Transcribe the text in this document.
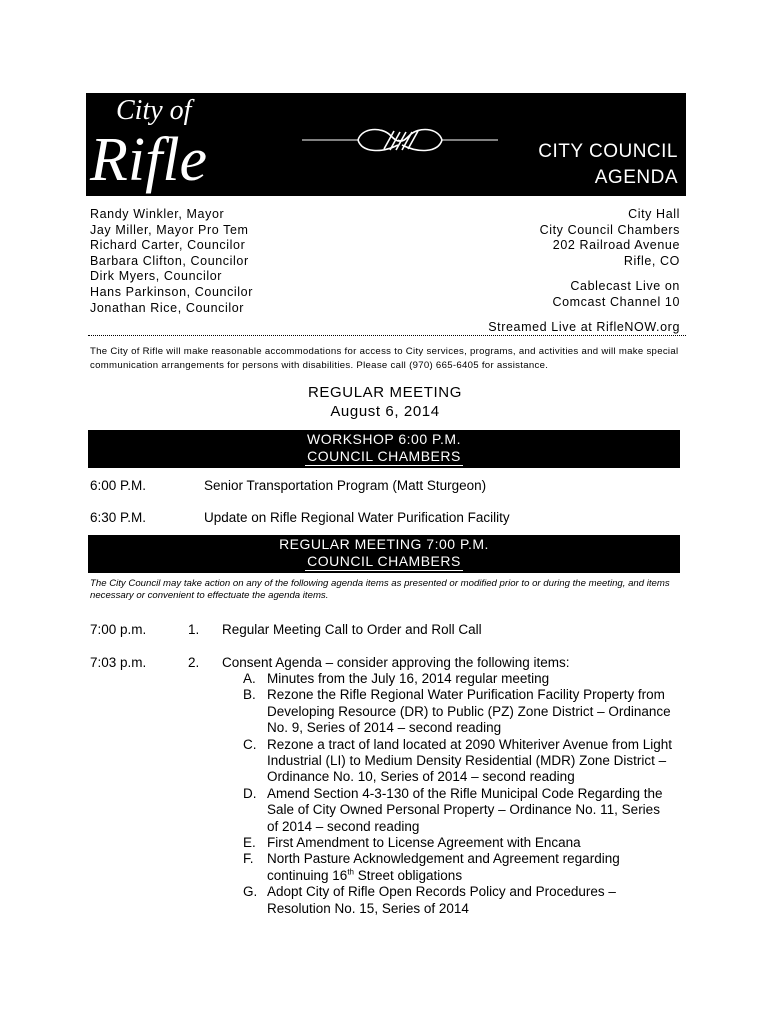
City of
Rifle	CITY COUNCIL
AGENDA
Randy Winkler, Mayor
Jay Miller, Mayor Pro Tem
Richard Carter, Councilor
Barbara Clifton, Councilor
Dirk Myers, Councilor
Hans Parkinson, Councilor
Jonathan Rice, Councilor
City Hall
City Council Chambers
202 Railroad Avenue
Rifle, CO
Cablecast Live on
Comcast Channel 10
Streamed Live at RifleNOW.org
The City of Rifle will make reasonable accommodations for access to City services, programs, and activities and will make special communication arrangements for persons with disabilities. Please call (970) 665-6405 for assistance.
REGULAR MEETING
August 6, 2014
WORKSHOP 6:00 P.M.
COUNCIL CHAMBERS
6:00 P.M.	Senior Transportation Program (Matt Sturgeon)
6:30 P.M.	Update on Rifle Regional Water Purification Facility
REGULAR MEETING 7:00 P.M.
COUNCIL CHAMBERS
The City Council may take action on any of the following agenda items as presented or modified prior to or during the meeting, and items necessary or convenient to effectuate the agenda items.
7:00 p.m.	1. Regular Meeting Call to Order and Roll Call
7:03 p.m.	2. Consent Agenda – consider approving the following items:
A. Minutes from the July 16, 2014 regular meeting
B. Rezone the Rifle Regional Water Purification Facility Property from Developing Resource (DR) to Public (PZ) Zone District – Ordinance No. 9, Series of 2014 – second reading
C. Rezone a tract of land located at 2090 Whiteriver Avenue from Light Industrial (LI) to Medium Density Residential (MDR) Zone District – Ordinance No. 10, Series of 2014 – second reading
D. Amend Section 4-3-130 of the Rifle Municipal Code Regarding the Sale of City Owned Personal Property – Ordinance No. 11, Series of 2014 – second reading
E. First Amendment to License Agreement with Encana
F. North Pasture Acknowledgement and Agreement regarding continuing 16th Street obligations
G. Adopt City of Rifle Open Records Policy and Procedures – Resolution No. 15, Series of 2014
